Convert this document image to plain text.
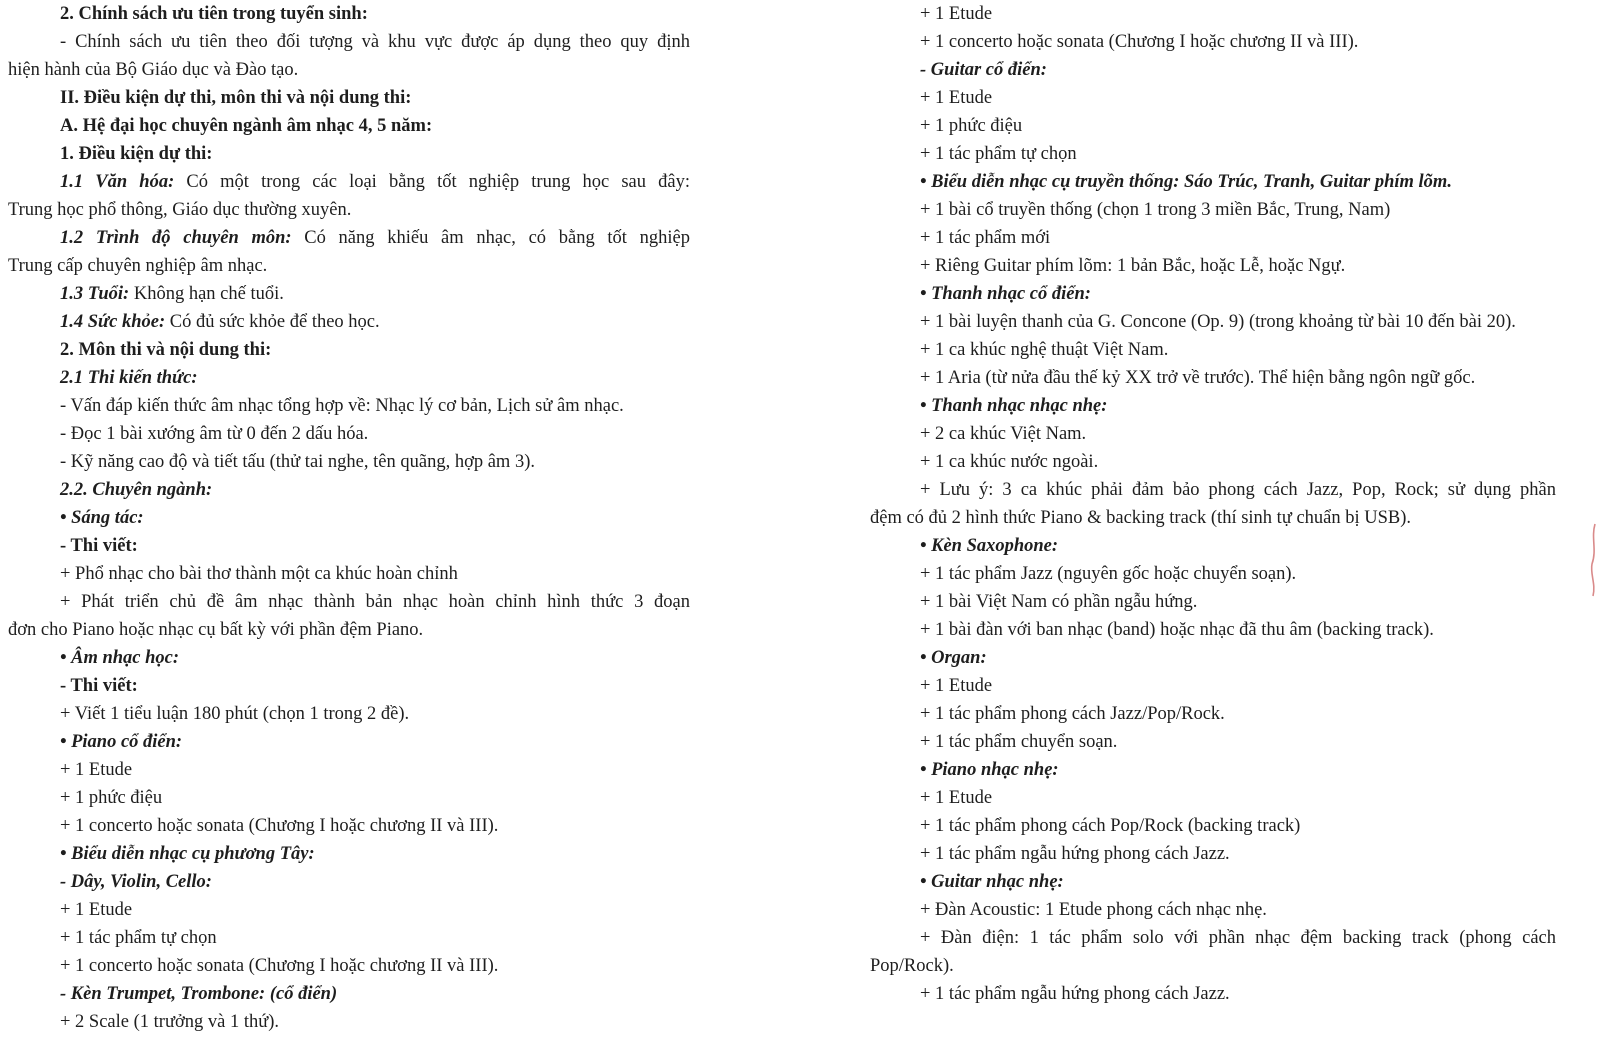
2. Chính sách ưu tiên trong tuyển sinh:
- Chính sách ưu tiên theo đối tượng và khu vực được áp dụng theo quy định
hiện hành của Bộ Giáo dục và Đào tạo.
II. Điều kiện dự thi, môn thi và nội dung thi:
A. Hệ đại học chuyên ngành âm nhạc 4, 5 năm:
1. Điều kiện dự thi:
1.1 Văn hóa: Có một trong các loại bằng tốt nghiệp trung học sau đây:
Trung học phổ thông, Giáo dục thường xuyên.
1.2 Trình độ chuyên môn: Có năng khiếu âm nhạc, có bằng tốt nghiệp
Trung cấp chuyên nghiệp âm nhạc.
1.3 Tuổi: Không hạn chế tuổi.
1.4 Sức khỏe: Có đủ sức khỏe để theo học.
2. Môn thi và nội dung thi:
2.1 Thi kiến thức:
- Vấn đáp kiến thức âm nhạc tổng hợp về: Nhạc lý cơ bản, Lịch sử âm nhạc.
- Đọc 1 bài xướng âm từ 0 đến 2 dấu hóa.
- Kỹ năng cao độ và tiết tấu (thử tai nghe, tên quãng, hợp âm 3).
2.2. Chuyên ngành:
• Sáng tác:
- Thi viết:
+ Phổ nhạc cho bài thơ thành một ca khúc hoàn chỉnh
+ Phát triển chủ đề âm nhạc thành bản nhạc hoàn chỉnh hình thức 3 đoạn
đơn cho Piano hoặc nhạc cụ bất kỳ với phần đệm Piano.
• Âm nhạc học:
- Thi viết:
+ Viết 1 tiểu luận 180 phút (chọn 1 trong 2 đề).
• Piano cổ điển:
+ 1 Etude
+ 1 phức điệu
+ 1 concerto hoặc sonata (Chương I hoặc chương II và III).
• Biểu diễn nhạc cụ phương Tây:
- Dây, Violin, Cello:
+ 1 Etude
+ 1 tác phẩm tự chọn
+ 1 concerto hoặc sonata (Chương I hoặc chương II và III).
- Kèn Trumpet, Trombone: (cổ điển)
+ 2 Scale (1 trưởng và 1 thứ).
+ 1 Etude
+ 1 concerto hoặc sonata (Chương I hoặc chương II và III).
- Guitar cổ điển:
+ 1 Etude
+ 1 phức điệu
+ 1 tác phẩm tự chọn
• Biểu diễn nhạc cụ truyền thống: Sáo Trúc, Tranh, Guitar phím lõm.
+ 1 bài cổ truyền thống (chọn 1 trong 3 miền Bắc, Trung, Nam)
+ 1 tác phẩm mới
+ Riêng Guitar phím lõm: 1 bản Bắc, hoặc Lễ, hoặc Ngự.
• Thanh nhạc cổ điển:
+ 1 bài luyện thanh của G. Concone (Op. 9) (trong khoảng từ bài 10 đến bài 20).
+ 1 ca khúc nghệ thuật Việt Nam.
+ 1 Aria (từ nửa đầu thế kỷ XX trở về trước). Thể hiện bằng ngôn ngữ gốc.
• Thanh nhạc nhạc nhẹ:
+ 2 ca khúc Việt Nam.
+ 1 ca khúc nước ngoài.
+ Lưu ý: 3 ca khúc phải đảm bảo phong cách Jazz, Pop, Rock; sử dụng phần
đệm có đủ 2 hình thức Piano & backing track (thí sinh tự chuẩn bị USB).
• Kèn Saxophone:
+ 1 tác phẩm Jazz (nguyên gốc hoặc chuyển soạn).
+ 1 bài Việt Nam có phần ngẫu hứng.
+ 1 bài đàn với ban nhạc (band) hoặc nhạc đã thu âm (backing track).
• Organ:
+ 1 Etude
+ 1 tác phẩm phong cách Jazz/Pop/Rock.
+ 1 tác phẩm chuyển soạn.
• Piano nhạc nhẹ:
+ 1 Etude
+ 1 tác phẩm phong cách Pop/Rock (backing track)
+ 1 tác phẩm ngẫu hứng phong cách Jazz.
• Guitar nhạc nhẹ:
+ Đàn Acoustic: 1 Etude phong cách nhạc nhẹ.
+ Đàn điện: 1 tác phẩm solo với phần nhạc đệm backing track (phong cách
Pop/Rock).
+ 1 tác phẩm ngẫu hứng phong cách Jazz.
